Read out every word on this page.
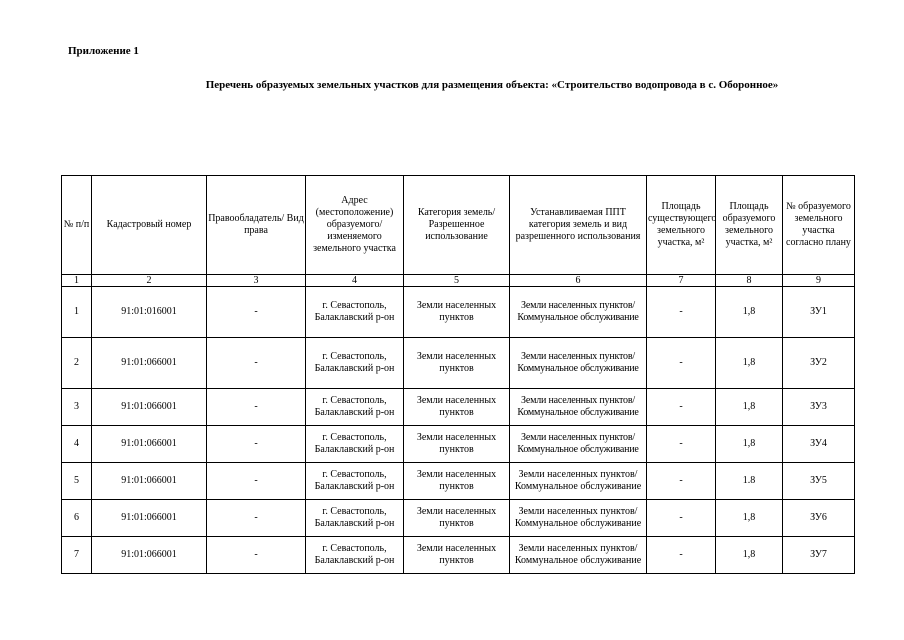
Приложение 1
Перечень образуемых земельных участков для размещения объекта: «Строительство водопровода в с. Оборонное»
№ п/п	Кадастровый номер	Правообладатель/ Вид права	Адрес (местоположение) образуемого/ изменяемого земельного участка	Категория земель/ Разрешенное использование	Устанавливаемая ППТ категория земель и вид разрешенного использования	Площадь существующего земельного участка, м²	Площадь образуемого земельного участка, м²	№ образуемого земельного участка согласно плану
1	2	3	4	5	6	7	8	9
1	91:01:016001	-	г. Севастополь, Балаклавский р-он	Земли населенных пунктов	Земли населенных пунктов/ Коммунальное обслуживание	-	1,8	ЗУ1
2	91:01:066001	-	г. Севастополь, Балаклавский р-он	Земли населенных пунктов	Земли населенных пунктов/ Коммунальное обслуживание	-	1,8	ЗУ2
3	91:01:066001	-	г. Севастополь, Балаклавский р-он	Земли населенных пунктов	Земли населенных пунктов/ Коммунальное обслуживание	-	1,8	ЗУ3
4	91:01:066001	-	г. Севастополь, Балаклавский р-он	Земли населенных пунктов	Земли населенных пунктов/ Коммунальное обслуживание	-	1,8	ЗУ4
5	91:01:066001	-	г. Севастополь, Балаклавский р-он	Земли населенных пунктов	Земли населенных пунктов/ Коммунальное обслуживание	-	1.8	ЗУ5
6	91:01:066001	-	г. Севастополь, Балаклавский р-он	Земли населенных пунктов	Земли населенных пунктов/ Коммунальное обслуживание	-	1,8	ЗУ6
7	91:01:066001	-	г. Севастополь, Балаклавский р-он	Земли населенных пунктов	Земли населенных пунктов/ Коммунальное обслуживание	-	1,8	ЗУ7
